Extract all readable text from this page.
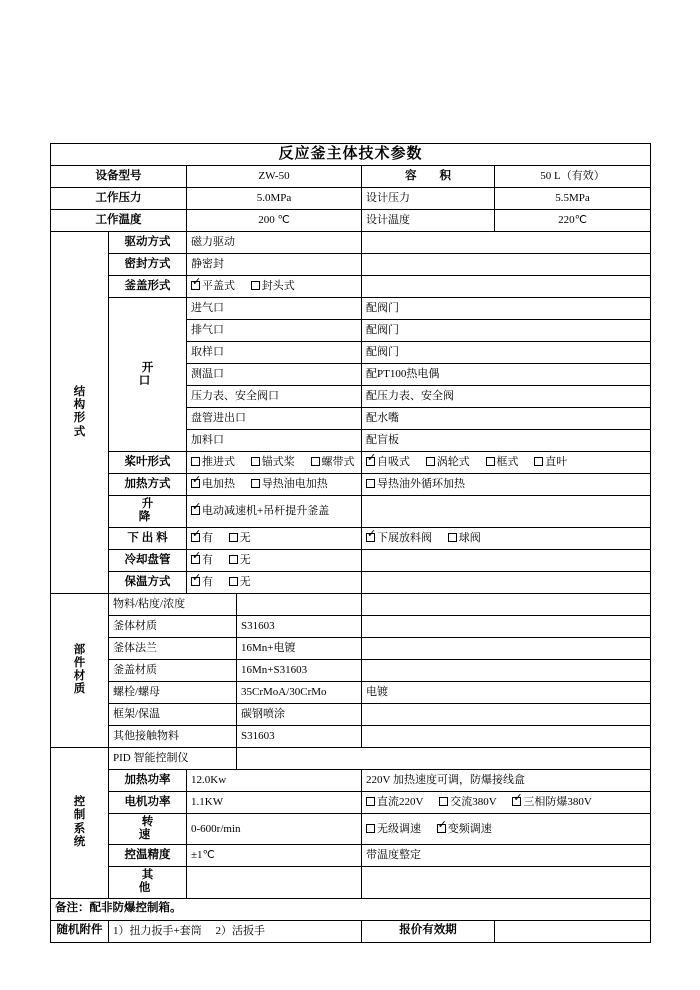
反应釜主体技术参数					
设备型号		ZW-50		容　　积	50 L（有效）
工作压力		5.0MPa		设计压力	5.5MPa
工作温度		200 ℃		设计温度	220℃
结
构
形
式	驱动方式	磁力驱动			
	密封方式	静密封			
	釜盖形式	✓平盖式 封头式	
	开　　口	进气口		配阀门	
		排气口		配阀门	
		取样口		配阀门	
		测温口		配PT100热电偶	
		压力表、安全阀口		配压力表、安全阀	
		盘管进出口		配水嘴	
		加料口		配盲板	
	桨叶形式	推进式 锚式桨 螺带式	✓自吸式 涡轮式 框式 直叶
	加热方式	✓电加热 导热油电加热		导热油外循环加热	
	升　　降	✓电动减速机+吊杆提升釜盖	
	下 出 料	✓有 无	✓下展放料阀 球阀
	冷却盘管	✓有 无	
	保温方式	✓有 无	
部
件
材
质	物料/粘度/浓度				
	釜体材质		S31603		
	釜体法兰		16Mn+电镀		
	釜盖材质		16Mn+S31603		
	螺栓/螺母		35CrMoA/30CrMo	电镀	
	框架/保温		碳钢喷涂		
	其他接触物料		S31603		
控
制
系
统	PID 智能控制仪				
	加热功率	12.0Kw		220V 加热速度可调，防爆接线盒	
	电机功率	1.1KW		直流220V 交流380V ✓ 三相防爆380V
	转　　速	0-600r/min		无级调速 ✓ 变频调速
	控温精度	±1℃		带温度整定	
	其　　他				
备注：配非防爆控制箱。					
随机附件	1）扭力扳手+套筒　 2）活扳手			报价有效期	
